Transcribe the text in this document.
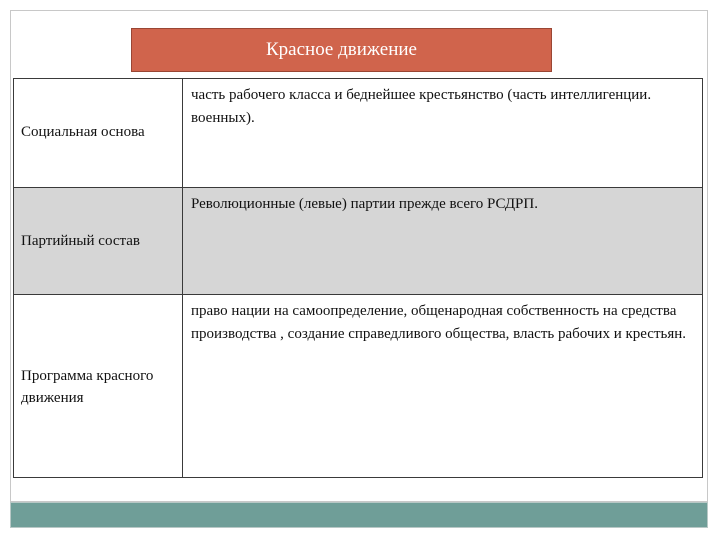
Красное движение
Социальная основа	часть рабочего класса и беднейшее крестьянство (часть интеллигенции. военных).

Партийный состав	Революционные (левые) партии прежде всего РСДРП.

Программа красного движения	право нации на самоопределение, общенародная собственность на средства производства , создание справедливого общества, власть рабочих и крестьян.
